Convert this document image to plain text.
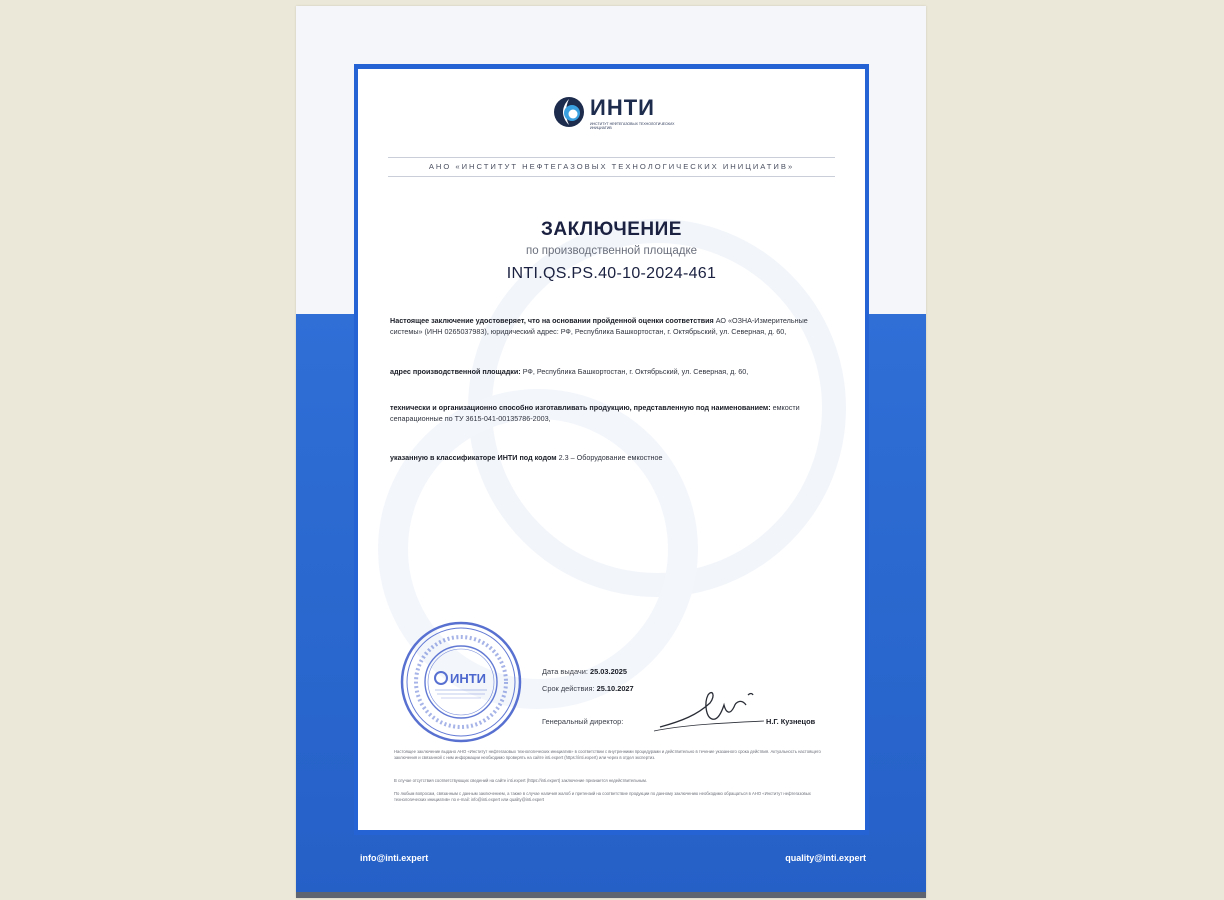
ИНТИ
ИНСТИТУТ НЕФТЕГАЗОВЫХ ТЕХНОЛОГИЧЕСКИХ ИНИЦИАТИВ
АНО «ИНСТИТУТ НЕФТЕГАЗОВЫХ ТЕХНОЛОГИЧЕСКИХ ИНИЦИАТИВ»
ЗАКЛЮЧЕНИЕ
по производственной площадке
INTI.QS.PS.40-10-2024-461
Настоящее заключение удостоверяет, что на основании пройденной оценки соответствия АО «ОЗНА-Измерительные системы» (ИНН 0265037983), юридический адрес: РФ, Республика Башкортостан, г. Октябрьский, ул. Северная, д. 60,
адрес производственной площадки: РФ, Республика Башкортостан, г. Октябрьский, ул. Северная, д. 60,
технически и организационно способно изготавливать продукцию, представленную под наименованием: емкости сепарационные по ТУ 3615-041-00135786-2003,
указанную в классификаторе ИНТИ под кодом 2.3 – Оборудование емкостное
ИНТИ	Дата выдачи: 25.03.2025
Срок действия: 25.10.2027
Генеральный директор:	Н.Г. Кузнецов
Настоящее заключение выдано АНО «Институт нефтегазовых технологических инициатив» в соответствии с внутренними процедурами и действительно в течение указанного срока действия. Актуальность настоящего заключения и связанной с ним информации необходимо проверять на сайте inti.expert (https://inti.expert) или через в отдел экспертиз.
В случае отсутствия соответствующих сведений на сайте inti.expert (https://inti.expert) заключение признается недействительным.
По любым вопросам, связанным с данным заключением, а также в случае наличия жалоб и претензий на соответствие продукции по данному заключению необходимо обращаться в АНО «Институт нефтегазовых технологических инициатив» по e-mail: info@inti.expert или quality@inti.expert
info@inti.expert	quality@inti.expert
